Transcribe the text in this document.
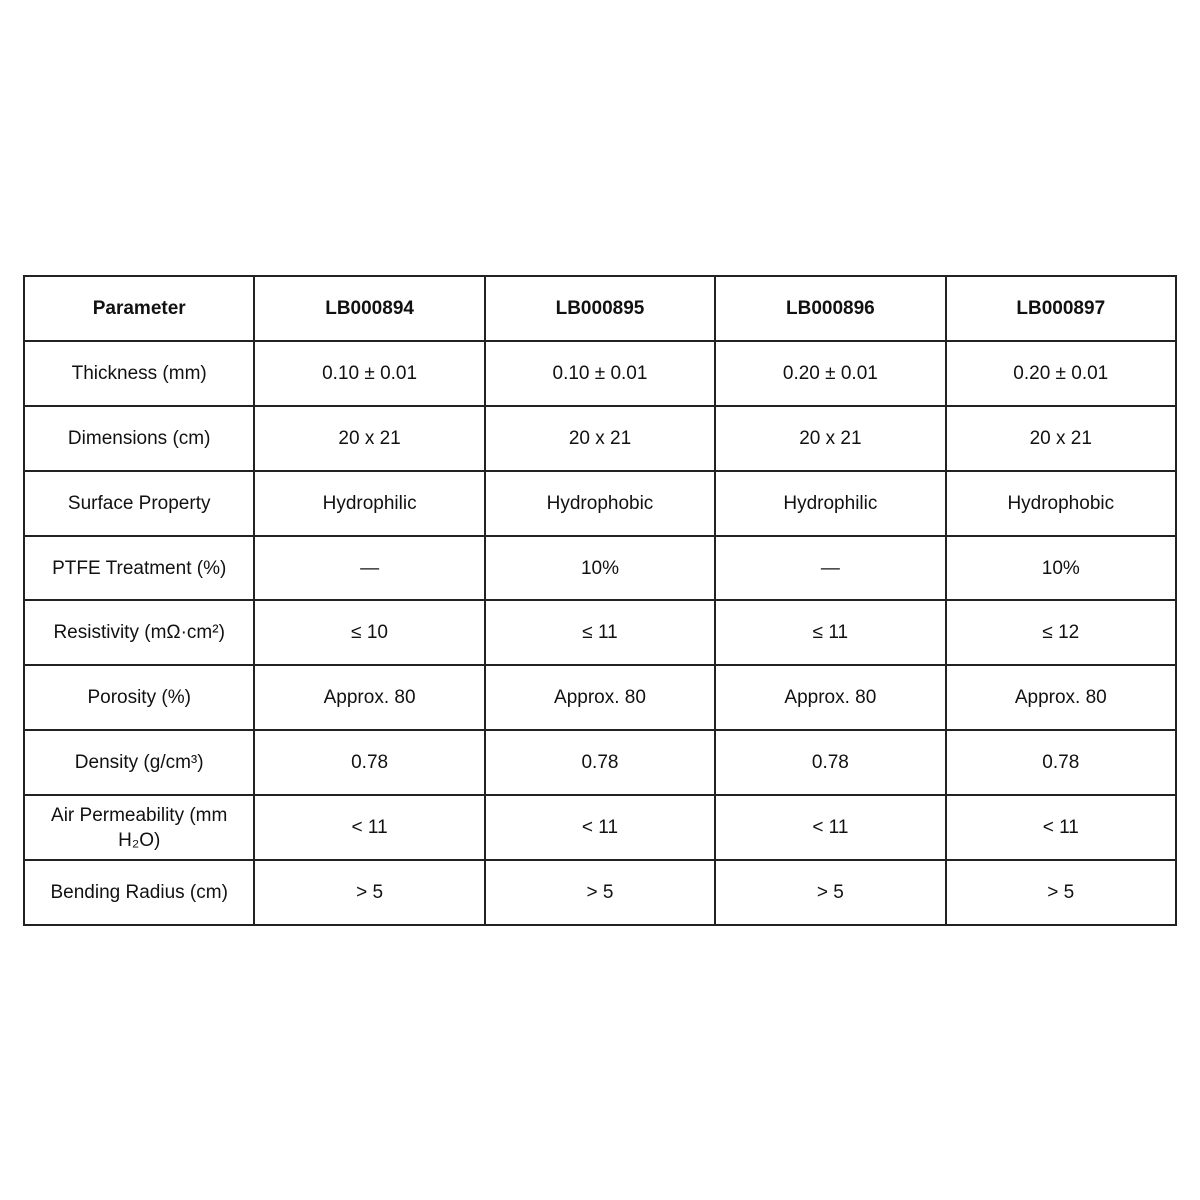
Parameter	LB000894	LB000895	LB000896	LB000897
Thickness (mm)	0.10 ± 0.01	0.10 ± 0.01	0.20 ± 0.01	0.20 ± 0.01
Dimensions (cm)	20 x 21	20 x 21	20 x 21	20 x 21
Surface Property	Hydrophilic	Hydrophobic	Hydrophilic	Hydrophobic
PTFE Treatment (%)	—	10%	—	10%
Resistivity (mΩ·cm²)	≤ 10	≤ 11	≤ 11	≤ 12
Porosity (%)	Approx. 80	Approx. 80	Approx. 80	Approx. 80
Density (g/cm³)	0.78	0.78	0.78	0.78
Air Permeability (mm H₂O)	< 11	< 11	< 11	< 11
Bending Radius (cm)	> 5	> 5	> 5	> 5
